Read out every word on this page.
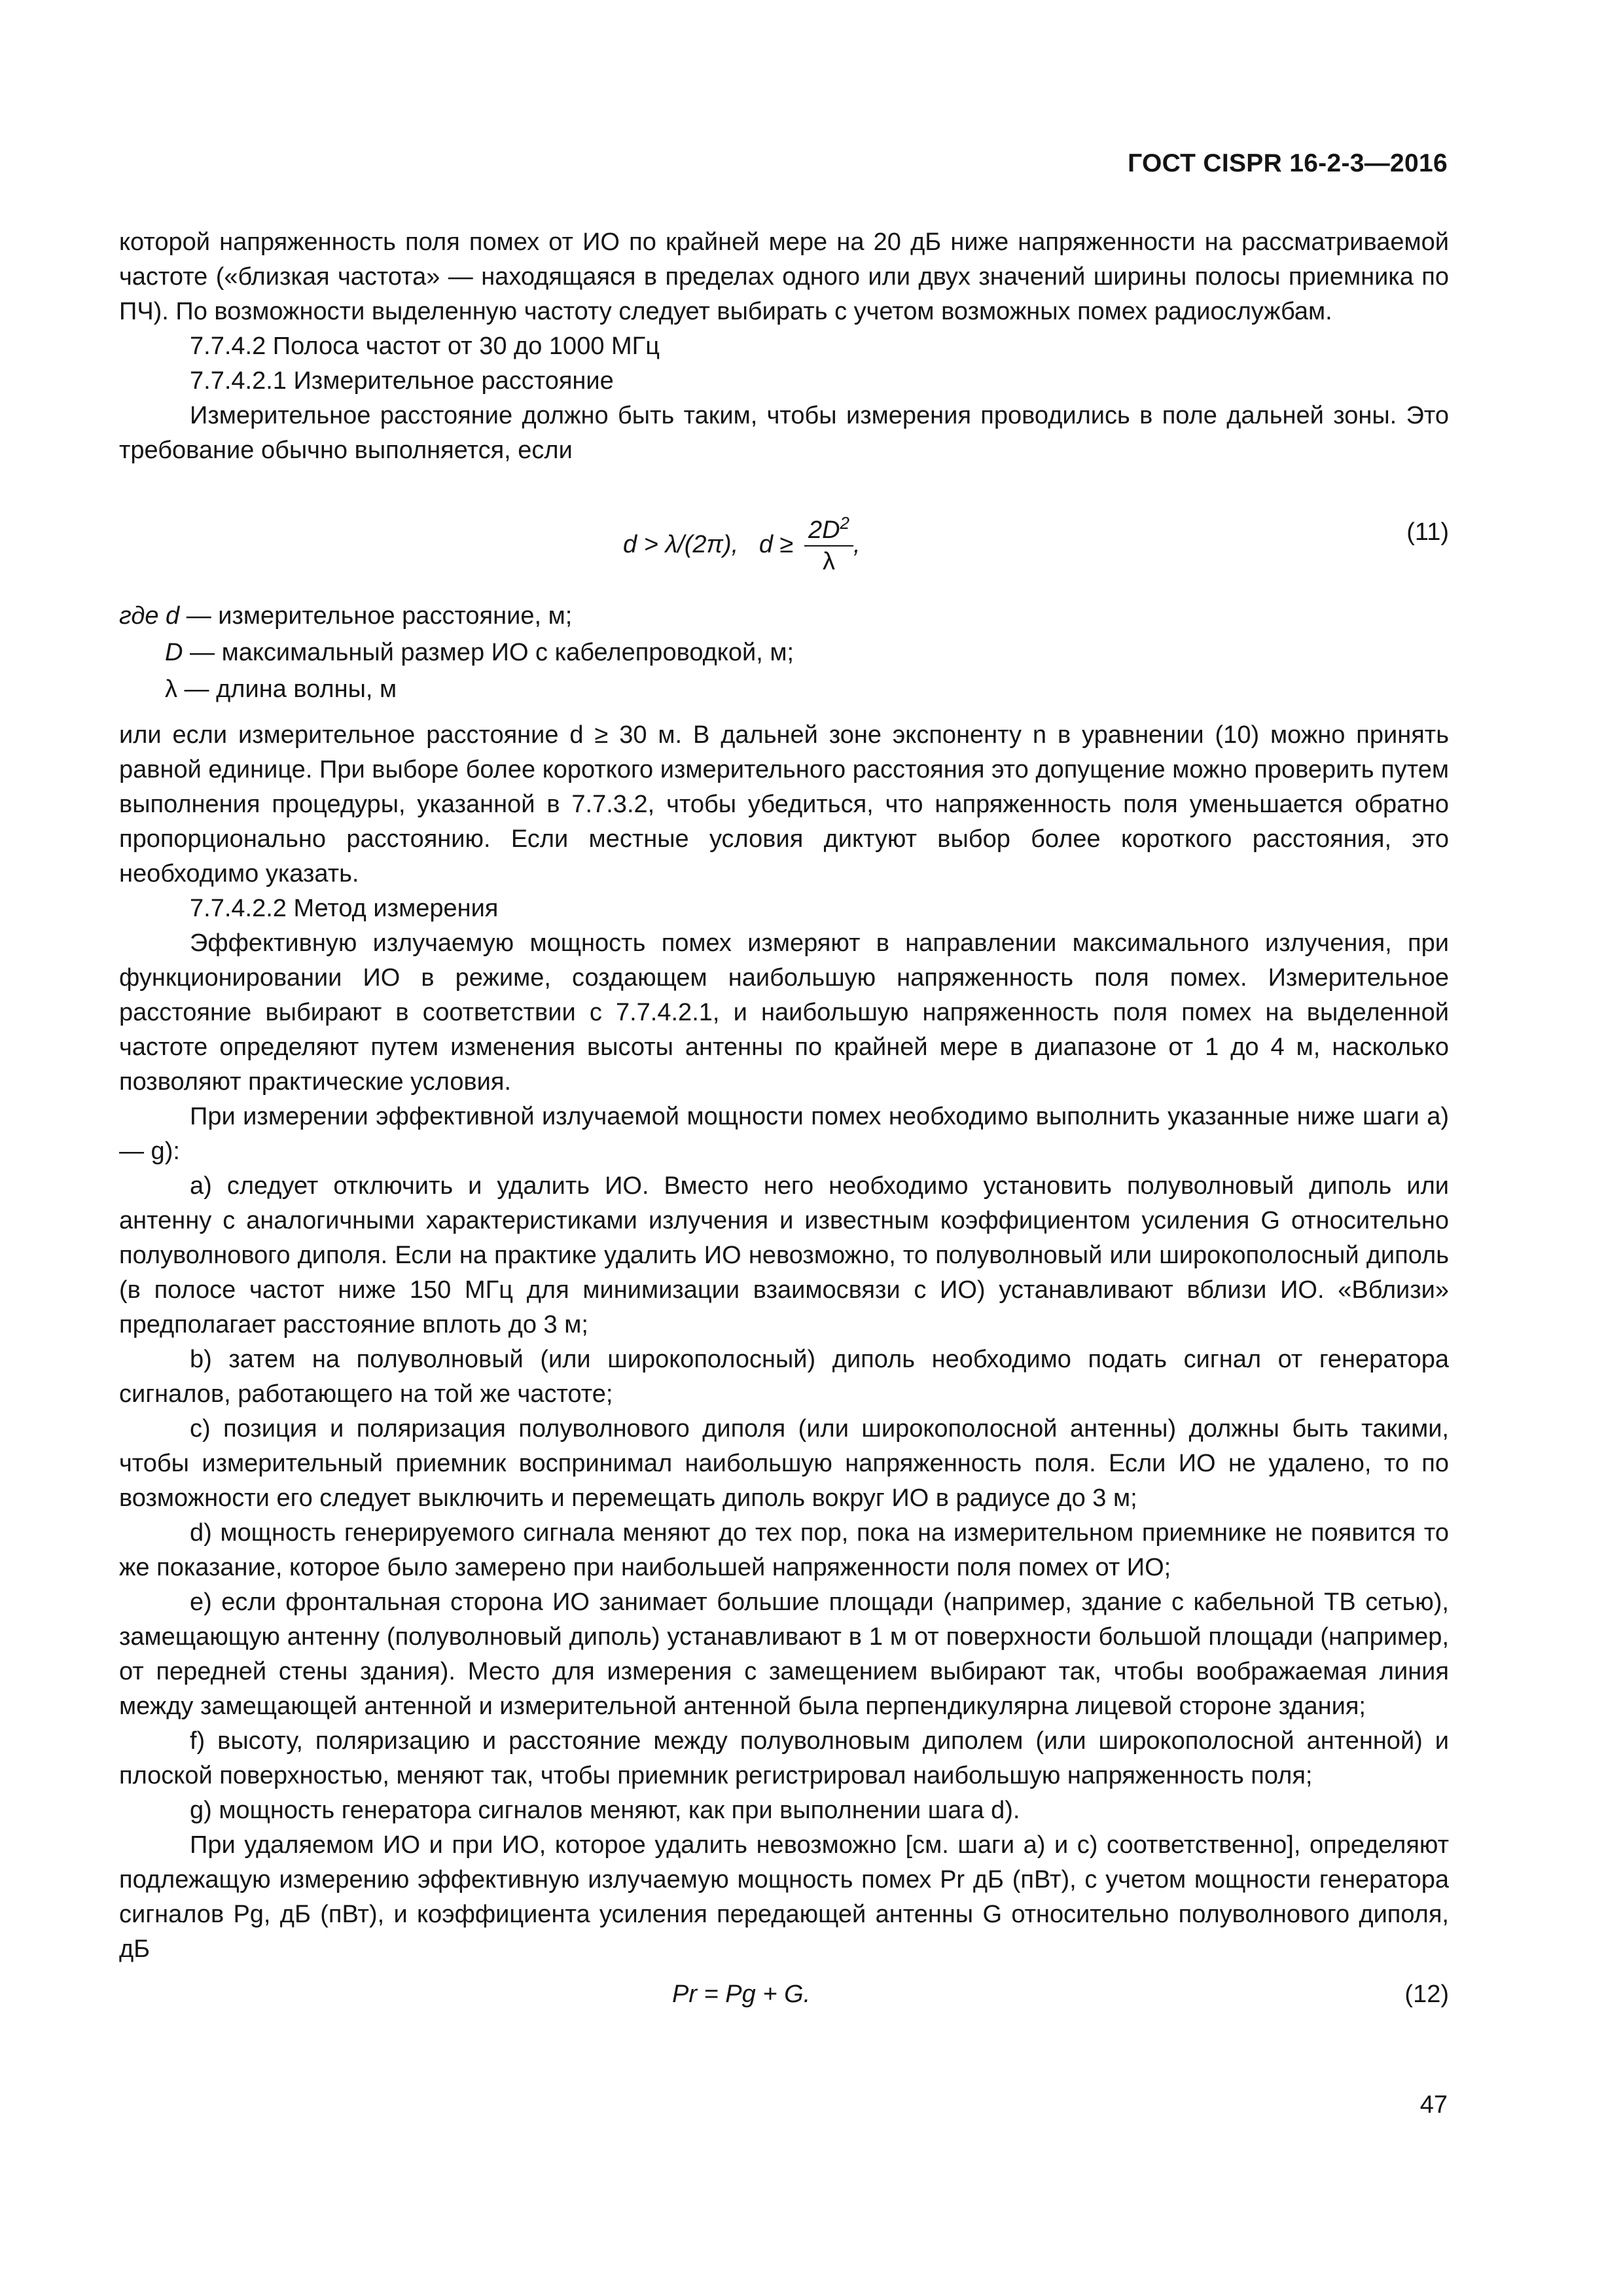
ГОСТ CISPR 16-2-3—2016

которой напряженность поля помех от ИО по крайней мере на 20 дБ ниже напряженности на рассматриваемой частоте («близкая частота» — находящаяся в пределах одного или двух значений ширины полосы приемника по ПЧ). По возможности выделенную частоту следует выбирать с учетом возможных помех радиослужбам.

7.7.4.2 Полоса частот от 30 до 1000 МГц

7.7.4.2.1 Измерительное расстояние

Измерительное расстояние должно быть таким, чтобы измерения проводились в поле дальней зоны. Это требование обычно выполняется, если

d > λ/(2π), $d \ge \frac{2D^2}{\lambda}$ ,	(11)

где d — измерительное расстояние, м;

D — максимальный размер ИО с кабелепроводкой, м;

λ — длина волны, м

или если измерительное расстояние d ≥ 30 м. В дальней зоне экспоненту n в уравнении (10) можно принять равной единице. При выборе более короткого измерительного расстояния это допущение можно проверить путем выполнения процедуры, указанной в 7.7.3.2, чтобы убедиться, что напряженность поля уменьшается обратно пропорционально расстоянию. Если местные условия диктуют выбор более короткого расстояния, это необходимо указать.

7.7.4.2.2 Метод измерения

Эффективную излучаемую мощность помех измеряют в направлении максимального излучения, при функционировании ИО в режиме, создающем наибольшую напряженность поля помех. Измерительное расстояние выбирают в соответствии с 7.7.4.2.1, и наибольшую напряженность поля помех на выделенной частоте определяют путем изменения высоты антенны по крайней мере в диапазоне от 1 до 4 м, насколько позволяют практические условия.

При измерении эффективной излучаемой мощности помех необходимо выполнить указанные ниже шаги a) — g):

a) следует отключить и удалить ИО. Вместо него необходимо установить полуволновый диполь или антенну с аналогичными характеристиками излучения и известным коэффициентом усиления G относительно полуволнового диполя. Если на практике удалить ИО невозможно, то полуволновый или широкополосный диполь (в полосе частот ниже 150 МГц для минимизации взаимосвязи с ИО) устанавливают вблизи ИО. «Вблизи» предполагает расстояние вплоть до 3 м;

b) затем на полуволновый (или широкополосный) диполь необходимо подать сигнал от генератора сигналов, работающего на той же частоте;

c) позиция и поляризация полуволнового диполя (или широкополосной антенны) должны быть такими, чтобы измерительный приемник воспринимал наибольшую напряженность поля. Если ИО не удалено, то по возможности его следует выключить и перемещать диполь вокруг ИО в радиусе до 3 м;

d) мощность генерируемого сигнала меняют до тех пор, пока на измерительном приемнике не появится то же показание, которое было замерено при наибольшей напряженности поля помех от ИО;

e) если фронтальная сторона ИО занимает большие площади (например, здание с кабельной ТВ сетью), замещающую антенну (полуволновый диполь) устанавливают в 1 м от поверхности большой площади (например, от передней стены здания). Место для измерения с замещением выбирают так, чтобы воображаемая линия между замещающей антенной и измерительной антенной была перпендикулярна лицевой стороне здания;

f) высоту, поляризацию и расстояние между полуволновым диполем (или широкополосной антенной) и плоской поверхностью, меняют так, чтобы приемник регистрировал наибольшую напряженность поля;

g) мощность генератора сигналов меняют, как при выполнении шага d).

При удаляемом ИО и при ИО, которое удалить невозможно [см. шаги a) и c) соответственно], определяют подлежащую измерению эффективную излучаемую мощность помех Pr дБ (пВт), с учетом мощности генератора сигналов Pg, дБ (пВт), и коэффициента усиления передающей антенны G относительно полуволнового диполя, дБ

Pr = Pg + G.	(12)
47
